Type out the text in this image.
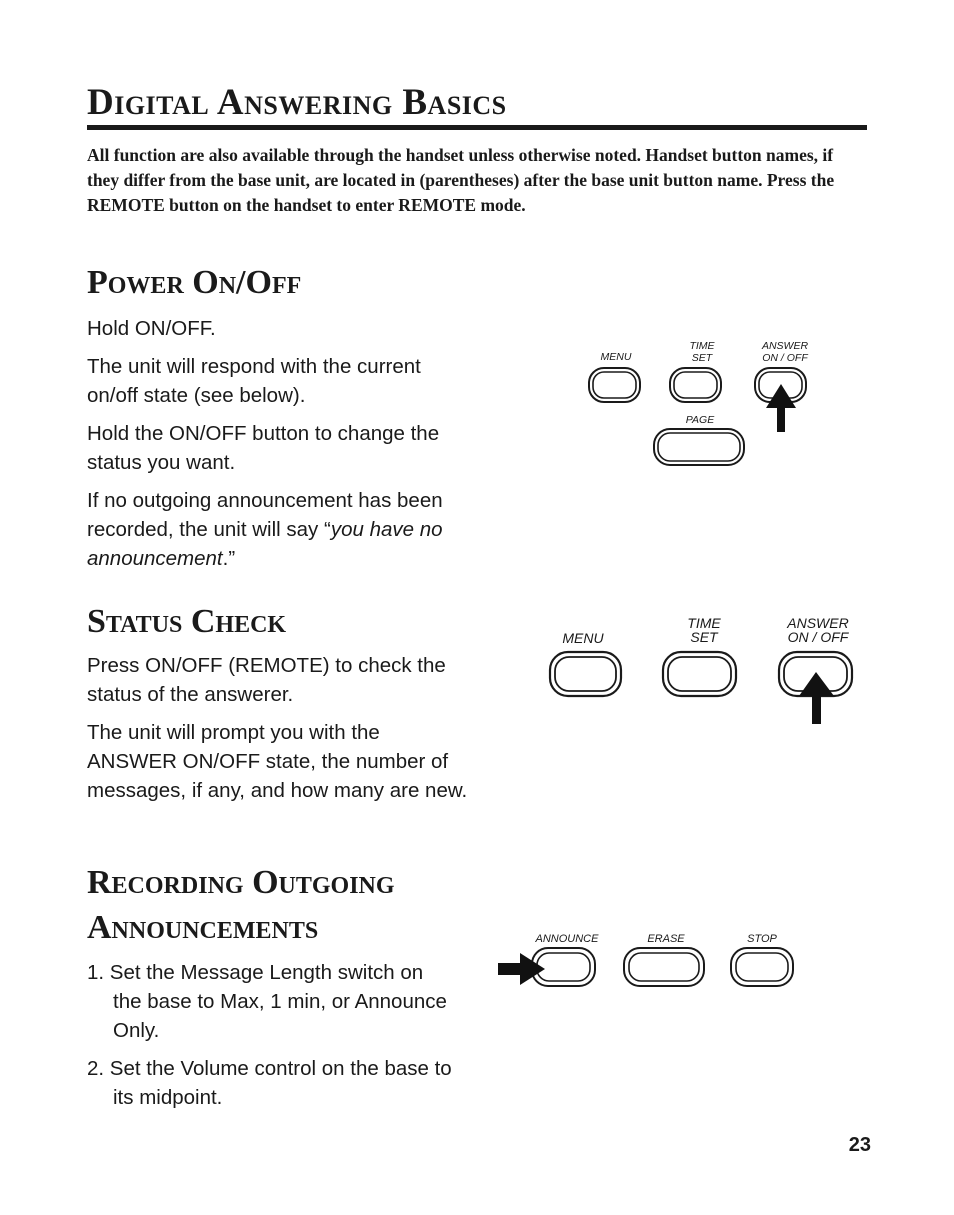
Digital Answering Basics

All function are also available through the handset unless otherwise noted. Handset button names, if they differ from the base unit, are located in (parentheses) after the base unit button name. Press the REMOTE button on the handset to enter REMOTE mode.

Power On/Off

Hold ON/OFF.

The unit will respond with the current on/off state (see below).

Hold the ON/OFF button to change the status you want.

If no outgoing announcement has been recorded, the unit will say “you have no announcement.”

MENU
TIME
SET
ANSWER
ON / OFF
PAGE
Status Check

Press ON/OFF (REMOTE) to check the status of the answerer.

The unit will prompt you with the ANSWER ON/OFF state, the number of messages, if any, and how many are new.

MENU
TIME
SET
ANSWER
ON / OFF
Recording Outgoing
Announcements

1. Set the Message Length switch on the base to Max, 1 min, or Announce Only.

2. Set the Volume control on the base to its midpoint.

ANNOUNCE	ERASE	STOP
23
